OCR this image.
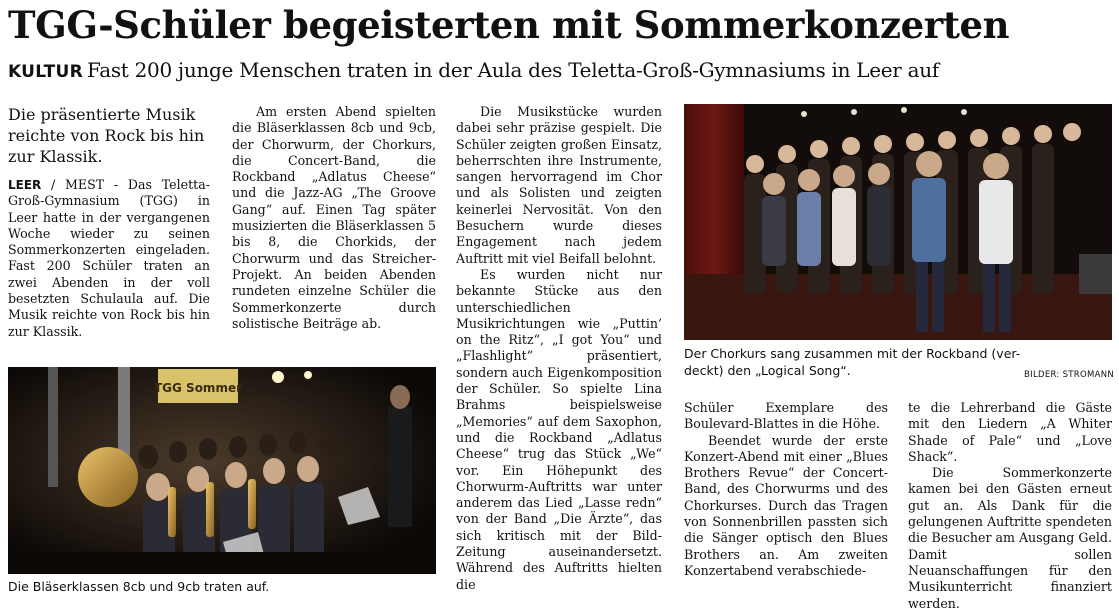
TGG-Schüler begeisterten mit Sommerkonzerten
KULTUR Fast 200 junge Menschen traten in der Aula des Teletta-Groß-Gymnasiums in Leer auf

Die präsentierte Musik reichte von Rock bis hin zur Klassik.

LEER / MEST - Das Teletta-Groß-Gymnasium (TGG) in Leer hatte in der vergangenen Woche wieder zu seinen Sommerkonzerten eingeladen. Fast 200 Schüler traten an zwei Abenden in der voll besetzten Schulaula auf. Die Musik reichte von Rock bis hin zur Klassik.

Am ersten Abend spielten die Bläserklassen 8cb und 9cb, der Chorwurm, der Chorkurs, die Concert-Band, die Rockband „Adlatus Cheese“ und die Jazz-AG „The Groove Gang“ auf. Einen Tag später musizierten die Bläserklassen 5 bis 8, die Chorkids, der Chorwurm und das Streicher-Projekt. An beiden Abenden rundeten einzelne Schüler die Sommerkonzerte durch solistische Beiträge ab.

Die Musikstücke wurden dabei sehr präzise gespielt. Die Schüler zeigten großen Einsatz, beherrschten ihre Instrumente, sangen hervorragend im Chor und als Solisten und zeigten keinerlei Nervosität. Von den Besuchern wurde dieses Engagement nach jedem Auftritt mit viel Beifall belohnt.

Es wurden nicht nur bekannte Stücke aus den unterschiedlichen Musikrichtungen wie „Puttin’ on the Ritz“, „I got You“ und „Flashlight“ präsentiert, sondern auch Eigenkomposition der Schüler. So spielte Lina Brahms beispielsweise „Memories“ auf dem Saxophon, und die Rockband „Adlatus Cheese“ trug das Stück „We“ vor. Ein Höhepunkt des Chorwurm-Auftritts war unter anderem das Lied „Lasse redn“ von der Band „Die Ärzte“, das sich kritisch mit der Bild-Zeitung auseinandersetzt. Während des Auftritts hielten die

Schüler Exemplare des Boulevard-Blattes in die Höhe.

Beendet wurde der erste Konzert-Abend mit einer „Blues Brothers Revue“ der Concert-Band, des Chorwurms und des Chorkurses. Durch das Tragen von Sonnenbrillen passten sich die Sänger optisch den Blues Brothers an. Am zweiten Konzertabend verabschiede-

te die Lehrerband die Gäste mit den Liedern „A Whiter Shade of Pale“ und „Love Shack“.

Die Sommerkonzerte kamen bei den Gästen erneut gut an. Als Dank für die gelungenen Auftritte spendeten die Besucher am Ausgang Geld. Damit sollen Neuanschaffungen für den Musikunterricht finanziert werden.

TGG Sommer
Die Bläserklassen 8cb und 9cb traten auf.
Der Chorkurs sang zusammen mit der Rockband (ver-
deckt) den „Logical Song“.	BILDER: STROMANN
